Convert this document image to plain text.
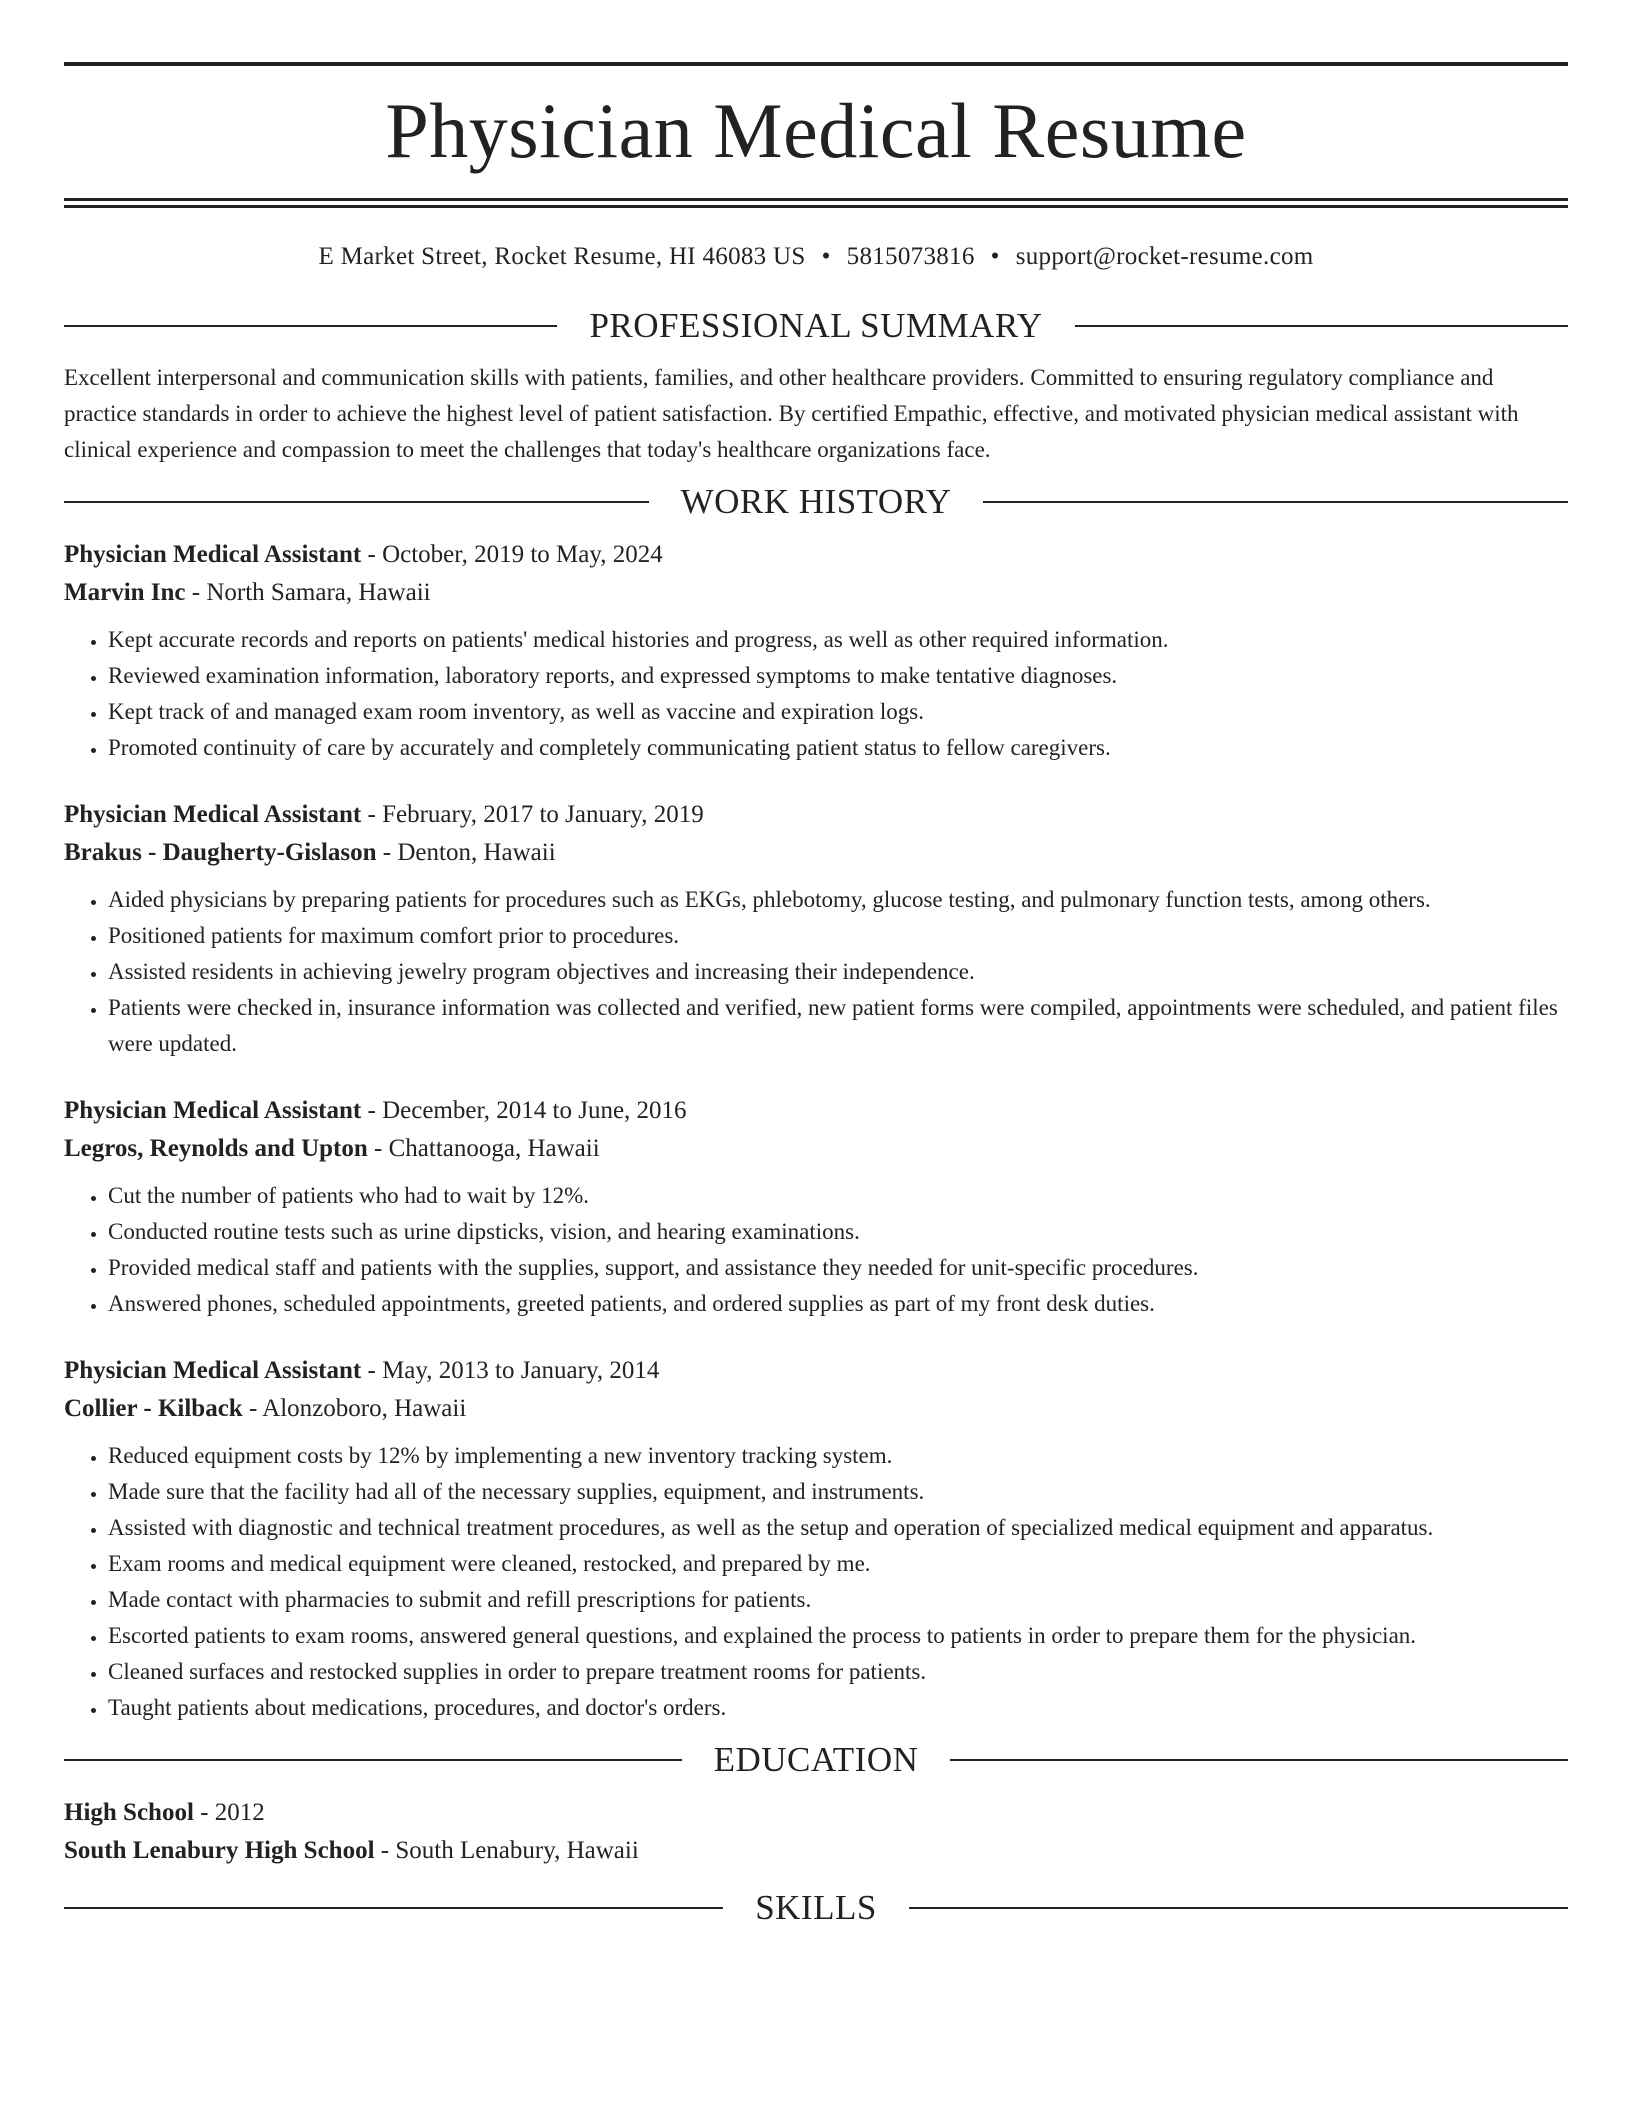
Physician Medical Resume
E Market Street, Rocket Resume, HI 46083 US • 5815073816 • support@rocket-resume.com
PROFESSIONAL SUMMARY

Excellent interpersonal and communication skills with patients, families, and other healthcare providers. Committed to ensuring regulatory compliance and practice standards in order to achieve the highest level of patient satisfaction. By certified Empathic, effective, and motivated physician medical assistant with clinical experience and compassion to meet the challenges that today's healthcare organizations face.

WORK HISTORY

Physician Medical Assistant - October, 2019 to May, 2024

Marvin Inc - North Samara, Hawaii

• Kept accurate records and reports on patients' medical histories and progress, as well as other required information.
• Reviewed examination information, laboratory reports, and expressed symptoms to make tentative diagnoses.
• Kept track of and managed exam room inventory, as well as vaccine and expiration logs.
• Promoted continuity of care by accurately and completely communicating patient status to fellow caregivers.

Physician Medical Assistant - February, 2017 to January, 2019

Brakus - Daugherty-Gislason - Denton, Hawaii

• Aided physicians by preparing patients for procedures such as EKGs, phlebotomy, glucose testing, and pulmonary function tests, among others.
• Positioned patients for maximum comfort prior to procedures.
• Assisted residents in achieving jewelry program objectives and increasing their independence.
• Patients were checked in, insurance information was collected and verified, new patient forms were compiled, appointments were scheduled, and patient files were updated.

Physician Medical Assistant - December, 2014 to June, 2016

Legros, Reynolds and Upton - Chattanooga, Hawaii

• Cut the number of patients who had to wait by 12%.
• Conducted routine tests such as urine dipsticks, vision, and hearing examinations.
• Provided medical staff and patients with the supplies, support, and assistance they needed for unit-specific procedures.
• Answered phones, scheduled appointments, greeted patients, and ordered supplies as part of my front desk duties.

Physician Medical Assistant - May, 2013 to January, 2014

Collier - Kilback - Alonzoboro, Hawaii

• Reduced equipment costs by 12% by implementing a new inventory tracking system.
• Made sure that the facility had all of the necessary supplies, equipment, and instruments.
• Assisted with diagnostic and technical treatment procedures, as well as the setup and operation of specialized medical equipment and apparatus.
• Exam rooms and medical equipment were cleaned, restocked, and prepared by me.
• Made contact with pharmacies to submit and refill prescriptions for patients.
• Escorted patients to exam rooms, answered general questions, and explained the process to patients in order to prepare them for the physician.
• Cleaned surfaces and restocked supplies in order to prepare treatment rooms for patients.
• Taught patients about medications, procedures, and doctor's orders.
EDUCATION

High School - 2012

South Lenabury High School - South Lenabury, Hawaii

SKILLS
